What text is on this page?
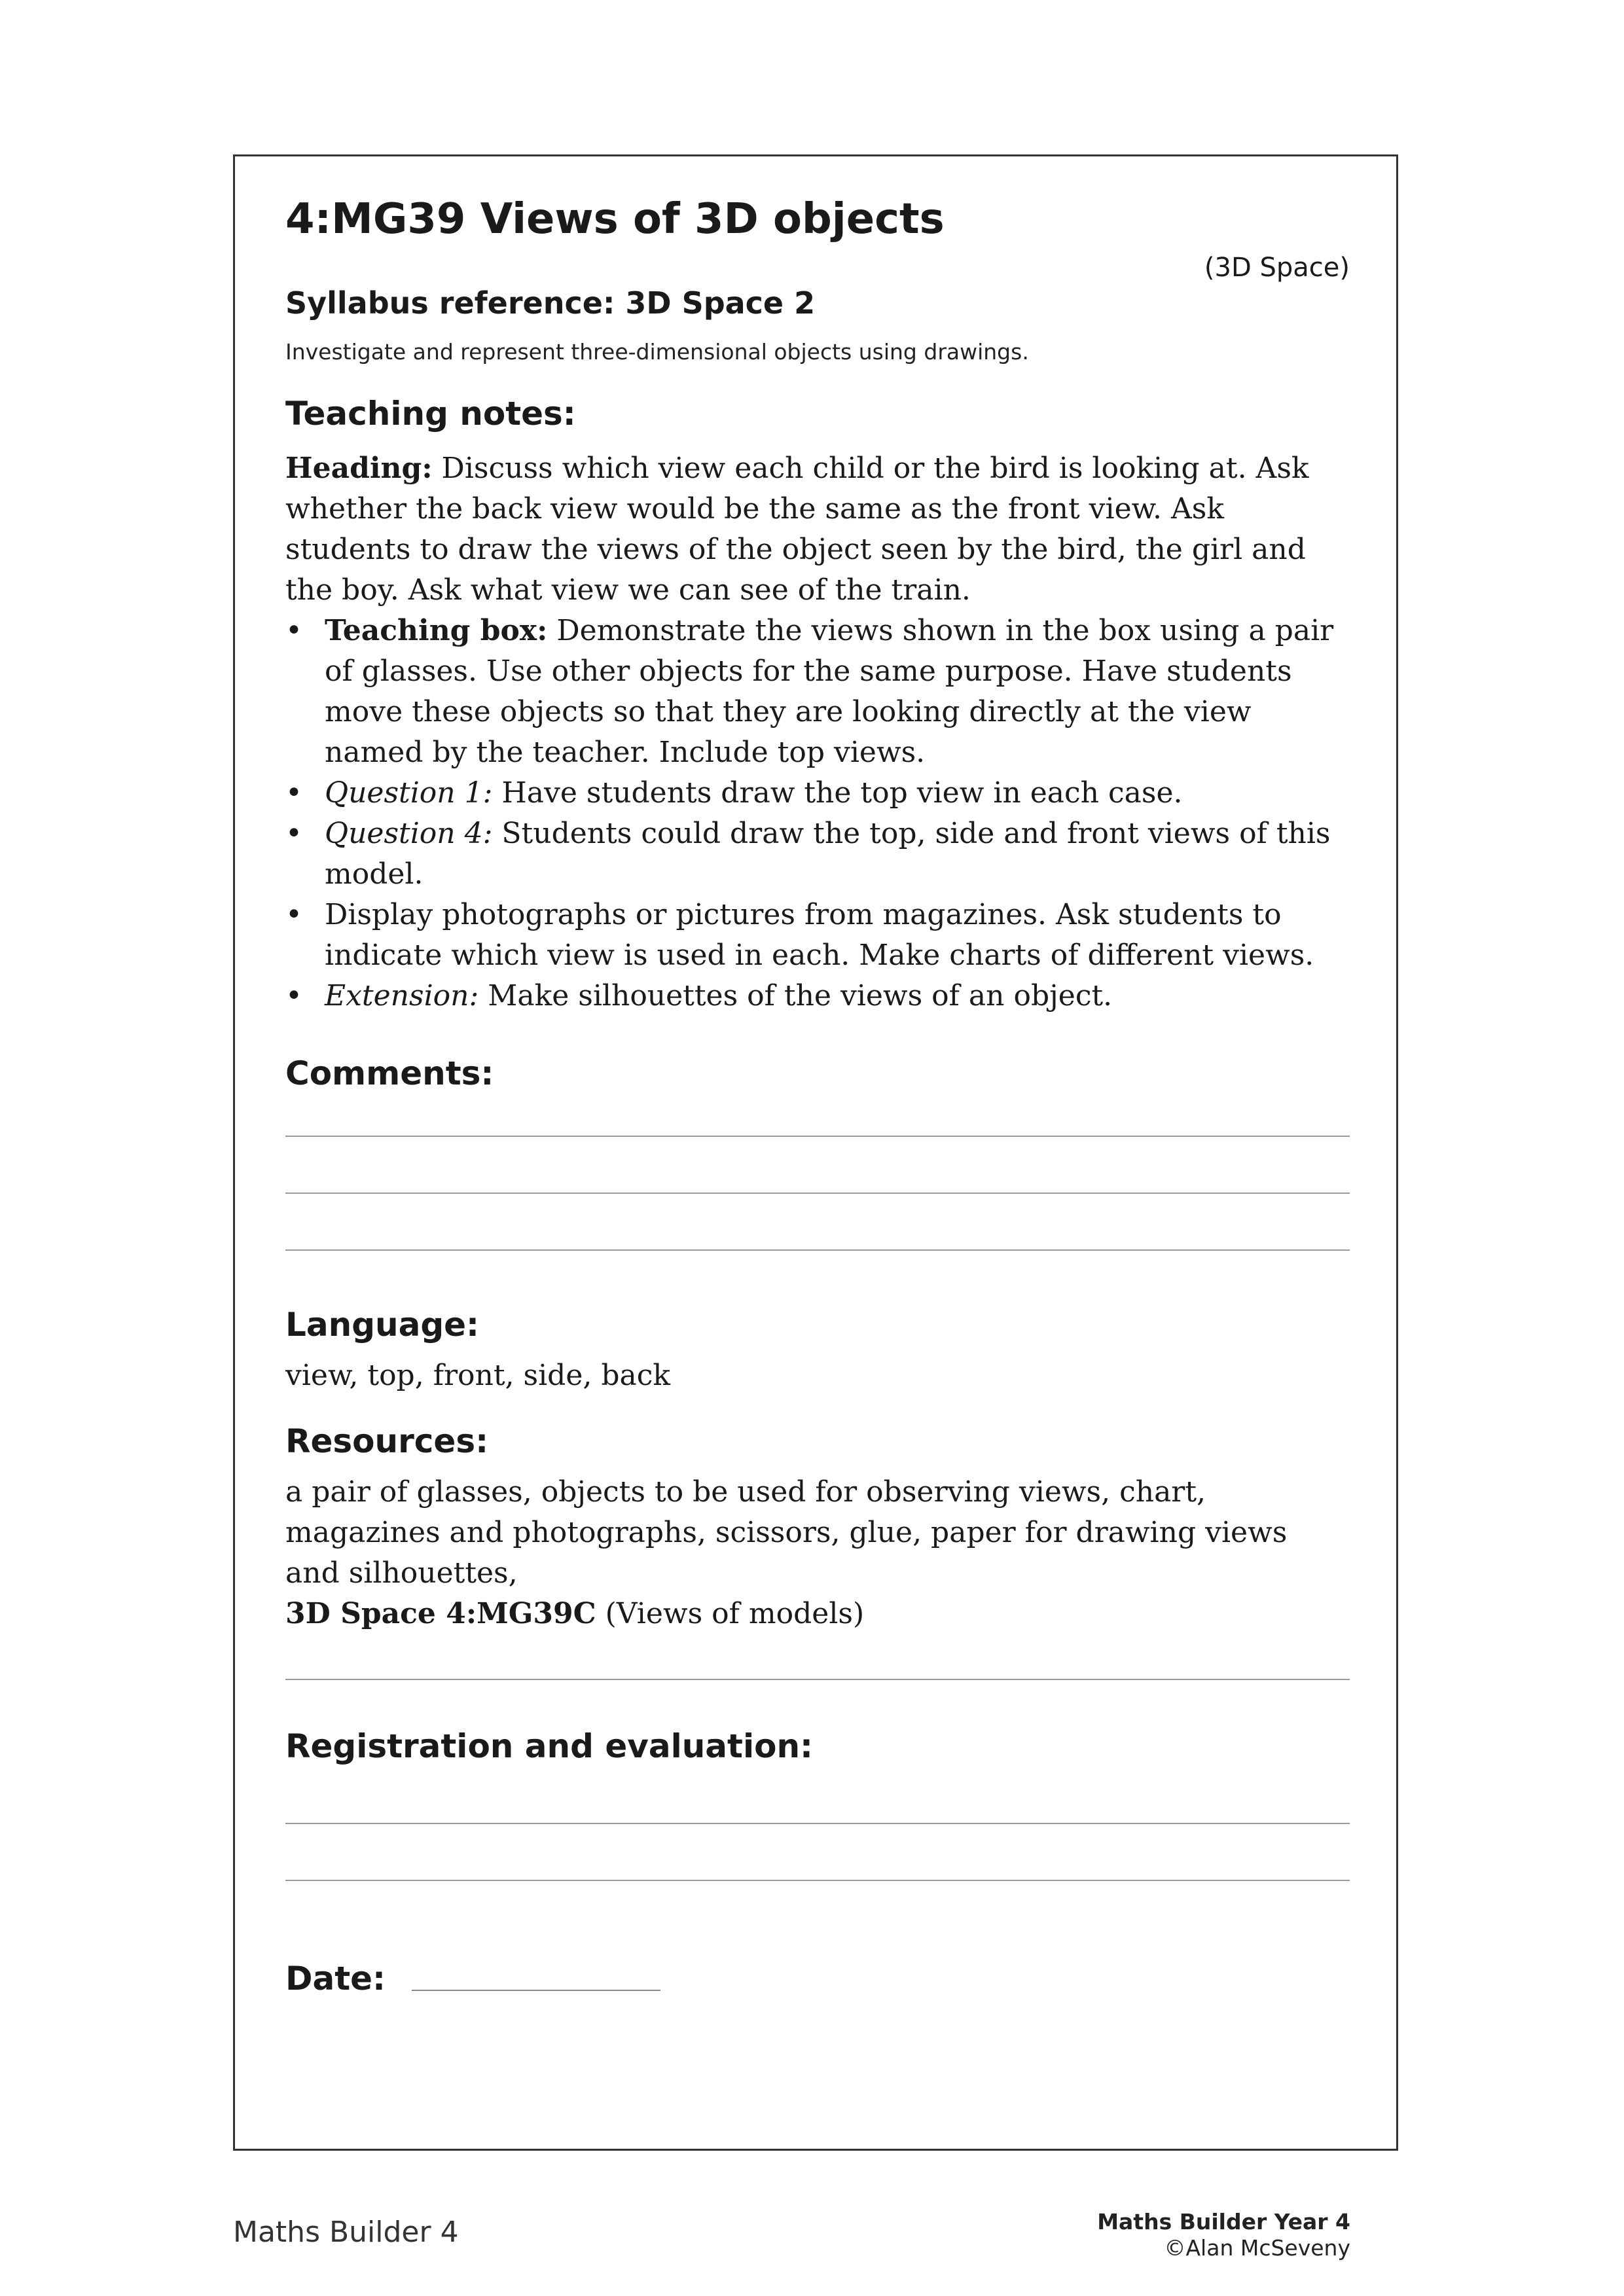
4:MG39 Views of 3D objects
(3D Space)
Syllabus reference: 3D Space 2
Investigate and represent three-dimensional objects using drawings.
Teaching notes:
Heading: Discuss which view each child or the bird is looking at. Ask whether the back view would be the same as the front view. Ask students to draw the views of the object seen by the bird, the girl and the boy. Ask what view we can see of the train.
• Teaching box: Demonstrate the views shown in the box using a pair of glasses. Use other objects for the same purpose. Have students move these objects so that they are looking directly at the view named by the teacher. Include top views.
• Question 1: Have students draw the top view in each case.
• Question 4: Students could draw the top, side and front views of this model.
• Display photographs or pictures from magazines. Ask students to indicate which view is used in each. Make charts of different views.
• Extension: Make silhouettes of the views of an object.
Comments:
Language:
view, top, front, side, back
Resources:
a pair of glasses, objects to be used for observing views, chart, magazines and photographs, scissors, glue, paper for drawing views and silhouettes,
3D Space 4:MG39C (Views of models)
Registration and evaluation:
Date:
Maths Builder 4	Maths Builder Year 4
©Alan McSeveny
